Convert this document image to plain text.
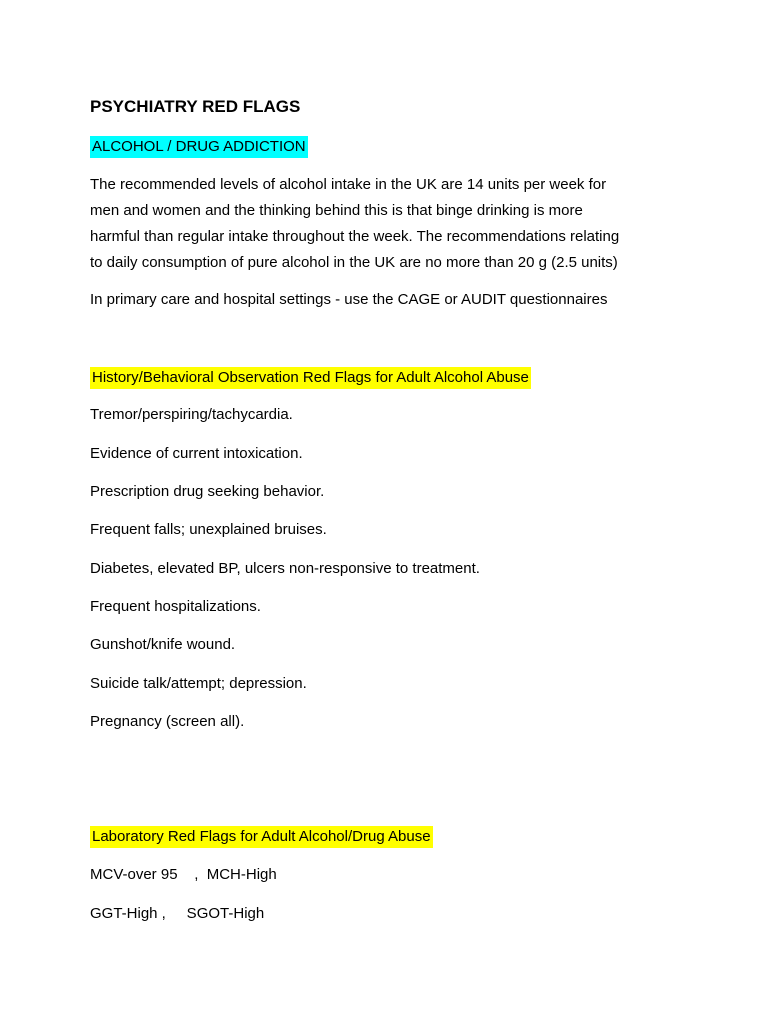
PSYCHIATRY RED FLAGS
ALCOHOL / DRUG ADDICTION
The recommended levels of alcohol intake in the UK are 14 units per week for
men and women and the thinking behind this is that binge drinking is more
harmful than regular intake throughout the week. The recommendations relating
to daily consumption of pure alcohol in the UK are no more than 20 g (2.5 units)
In primary care and hospital settings - use the CAGE or AUDIT questionnaires
History/Behavioral Observation Red Flags for Adult Alcohol Abuse
Tremor/perspiring/tachycardia.
Evidence of current intoxication.
Prescription drug seeking behavior.
Frequent falls; unexplained bruises.
Diabetes, elevated BP, ulcers non-responsive to treatment.
Frequent hospitalizations.
Gunshot/knife wound.
Suicide talk/attempt; depression.
Pregnancy (screen all).
Laboratory Red Flags for Adult Alcohol/Drug Abuse
MCV-over 95    ,  MCH-High
GGT-High ,     SGOT-High
